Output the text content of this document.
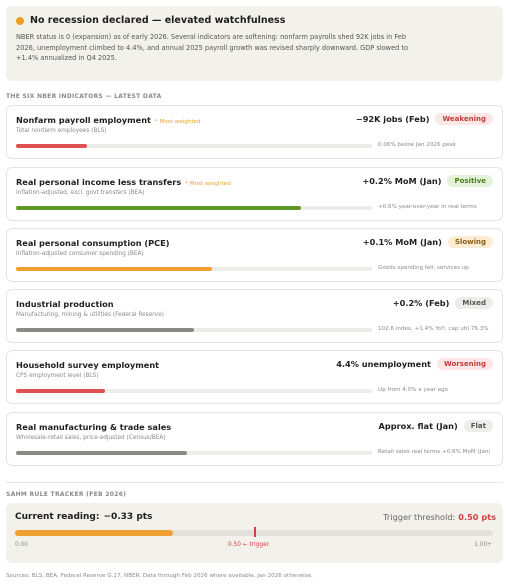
No recession declared — elevated watchfulness
NBER status is 0 (expansion) as of early 2026. Several indicators are softening: nonfarm payrolls shed 92K jobs in Feb 2026, unemployment climbed to 4.4%, and annual 2025 payroll growth was revised sharply downward. GDP slowed to +1.4% annualized in Q4 2025.
THE SIX NBER INDICATORS — LATEST DATA
Nonfarm payroll employment * Most weighted
Total nonfarm employees (BLS)
−92K jobs (Feb)	Weakening
0.06% below Jan 2026 peak
Real personal income less transfers * Most weighted
Inflation-adjusted, excl. govt transfers (BEA)
+0.2% MoM (Jan)	Positive
+0.6% year-over-year in real terms
Real personal consumption (PCE)
Inflation-adjusted consumer spending (BEA)
+0.1% MoM (Jan)	Slowing
Goods spending fell; services up
Industrial production
Manufacturing, mining & utilities (Federal Reserve)
+0.2% (Feb)	Mixed
102.6 index, +1.4% YoY, cap util 76.3%
Household survey employment
CPS employment level (BLS)
4.4% unemployment	Worsening
Up from 4.0% a year ago
Real manufacturing & trade sales
Wholesale-retail sales, price-adjusted (Census/BEA)
Approx. flat (Jan)	Flat
Retail sales real terms +0.6% MoM (Jan)
SAHM RULE TRACKER (FEB 2026)
Current reading: −0.33 pts	Trigger threshold: 0.50 pts
0.00	0.50 ← trigger	1.00+
Sources: BLS, BEA, Federal Reserve G.17, NBER. Data through Feb 2026 where available, Jan 2026 otherwise.
